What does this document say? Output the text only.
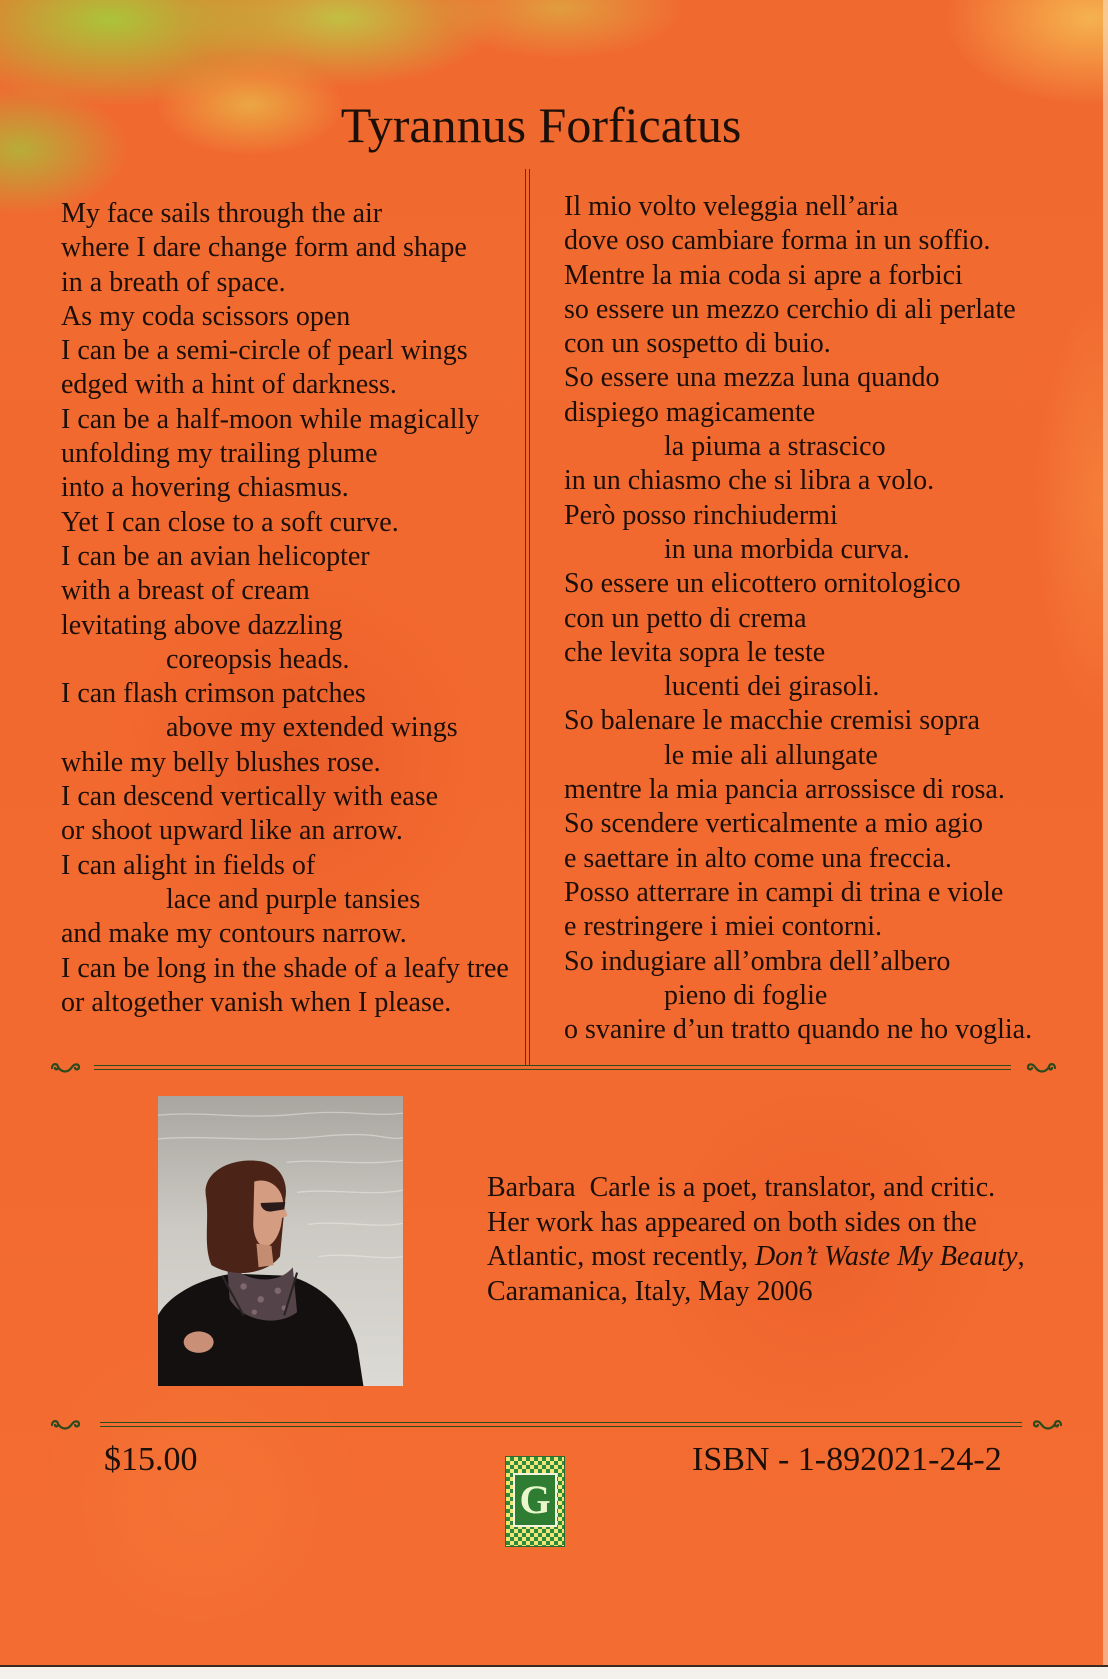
Tyrannus Forficatus
My face sails through the air
where I dare change form and shape
in a breath of space.
As my coda scissors open
I can be a semi-circle of pearl wings
edged with a hint of darkness.
I can be a half-moon while magically
unfolding my trailing plume
into a hovering chiasmus.
Yet I can close to a soft curve.
I can be an avian helicopter
with a breast of cream
levitating above dazzling
coreopsis heads.
I can flash crimson patches
above my extended wings
while my belly blushes rose.
I can descend vertically with ease
or shoot upward like an arrow.
I can alight in fields of
lace and purple tansies
and make my contours narrow.
I can be long in the shade of a leafy tree
or altogether vanish when I please.
Il mio volto veleggia nell’aria
dove oso cambiare forma in un soffio.
Mentre la mia coda si apre a forbici
so essere un mezzo cerchio di ali perlate
con un sospetto di buio.
So essere una mezza luna quando
dispiego magicamente
la piuma a strascico
in un chiasmo che si libra a volo.
Però posso rinchiudermi
in una morbida curva.
So essere un elicottero ornitologico
con un petto di crema
che levita sopra le teste
lucenti dei girasoli.
So balenare le macchie cremisi sopra
le mie ali allungate
mentre la mia pancia arrossisce di rosa.
So scendere verticalmente a mio agio
e saettare in alto come una freccia.
Posso atterrare in campi di trina e viole
e restringere i miei contorni.
So indugiare all’ombra dell’albero
pieno di foglie
o svanire d’un tratto quando ne ho voglia.
Barbara  Carle is a poet, translator, and critic.
Her work has appeared on both sides on the
Atlantic, most recently, Don’t Waste My Beauty,
Caramanica, Italy, May 2006
$15.00
G
ISBN - 1-892021-24-2
